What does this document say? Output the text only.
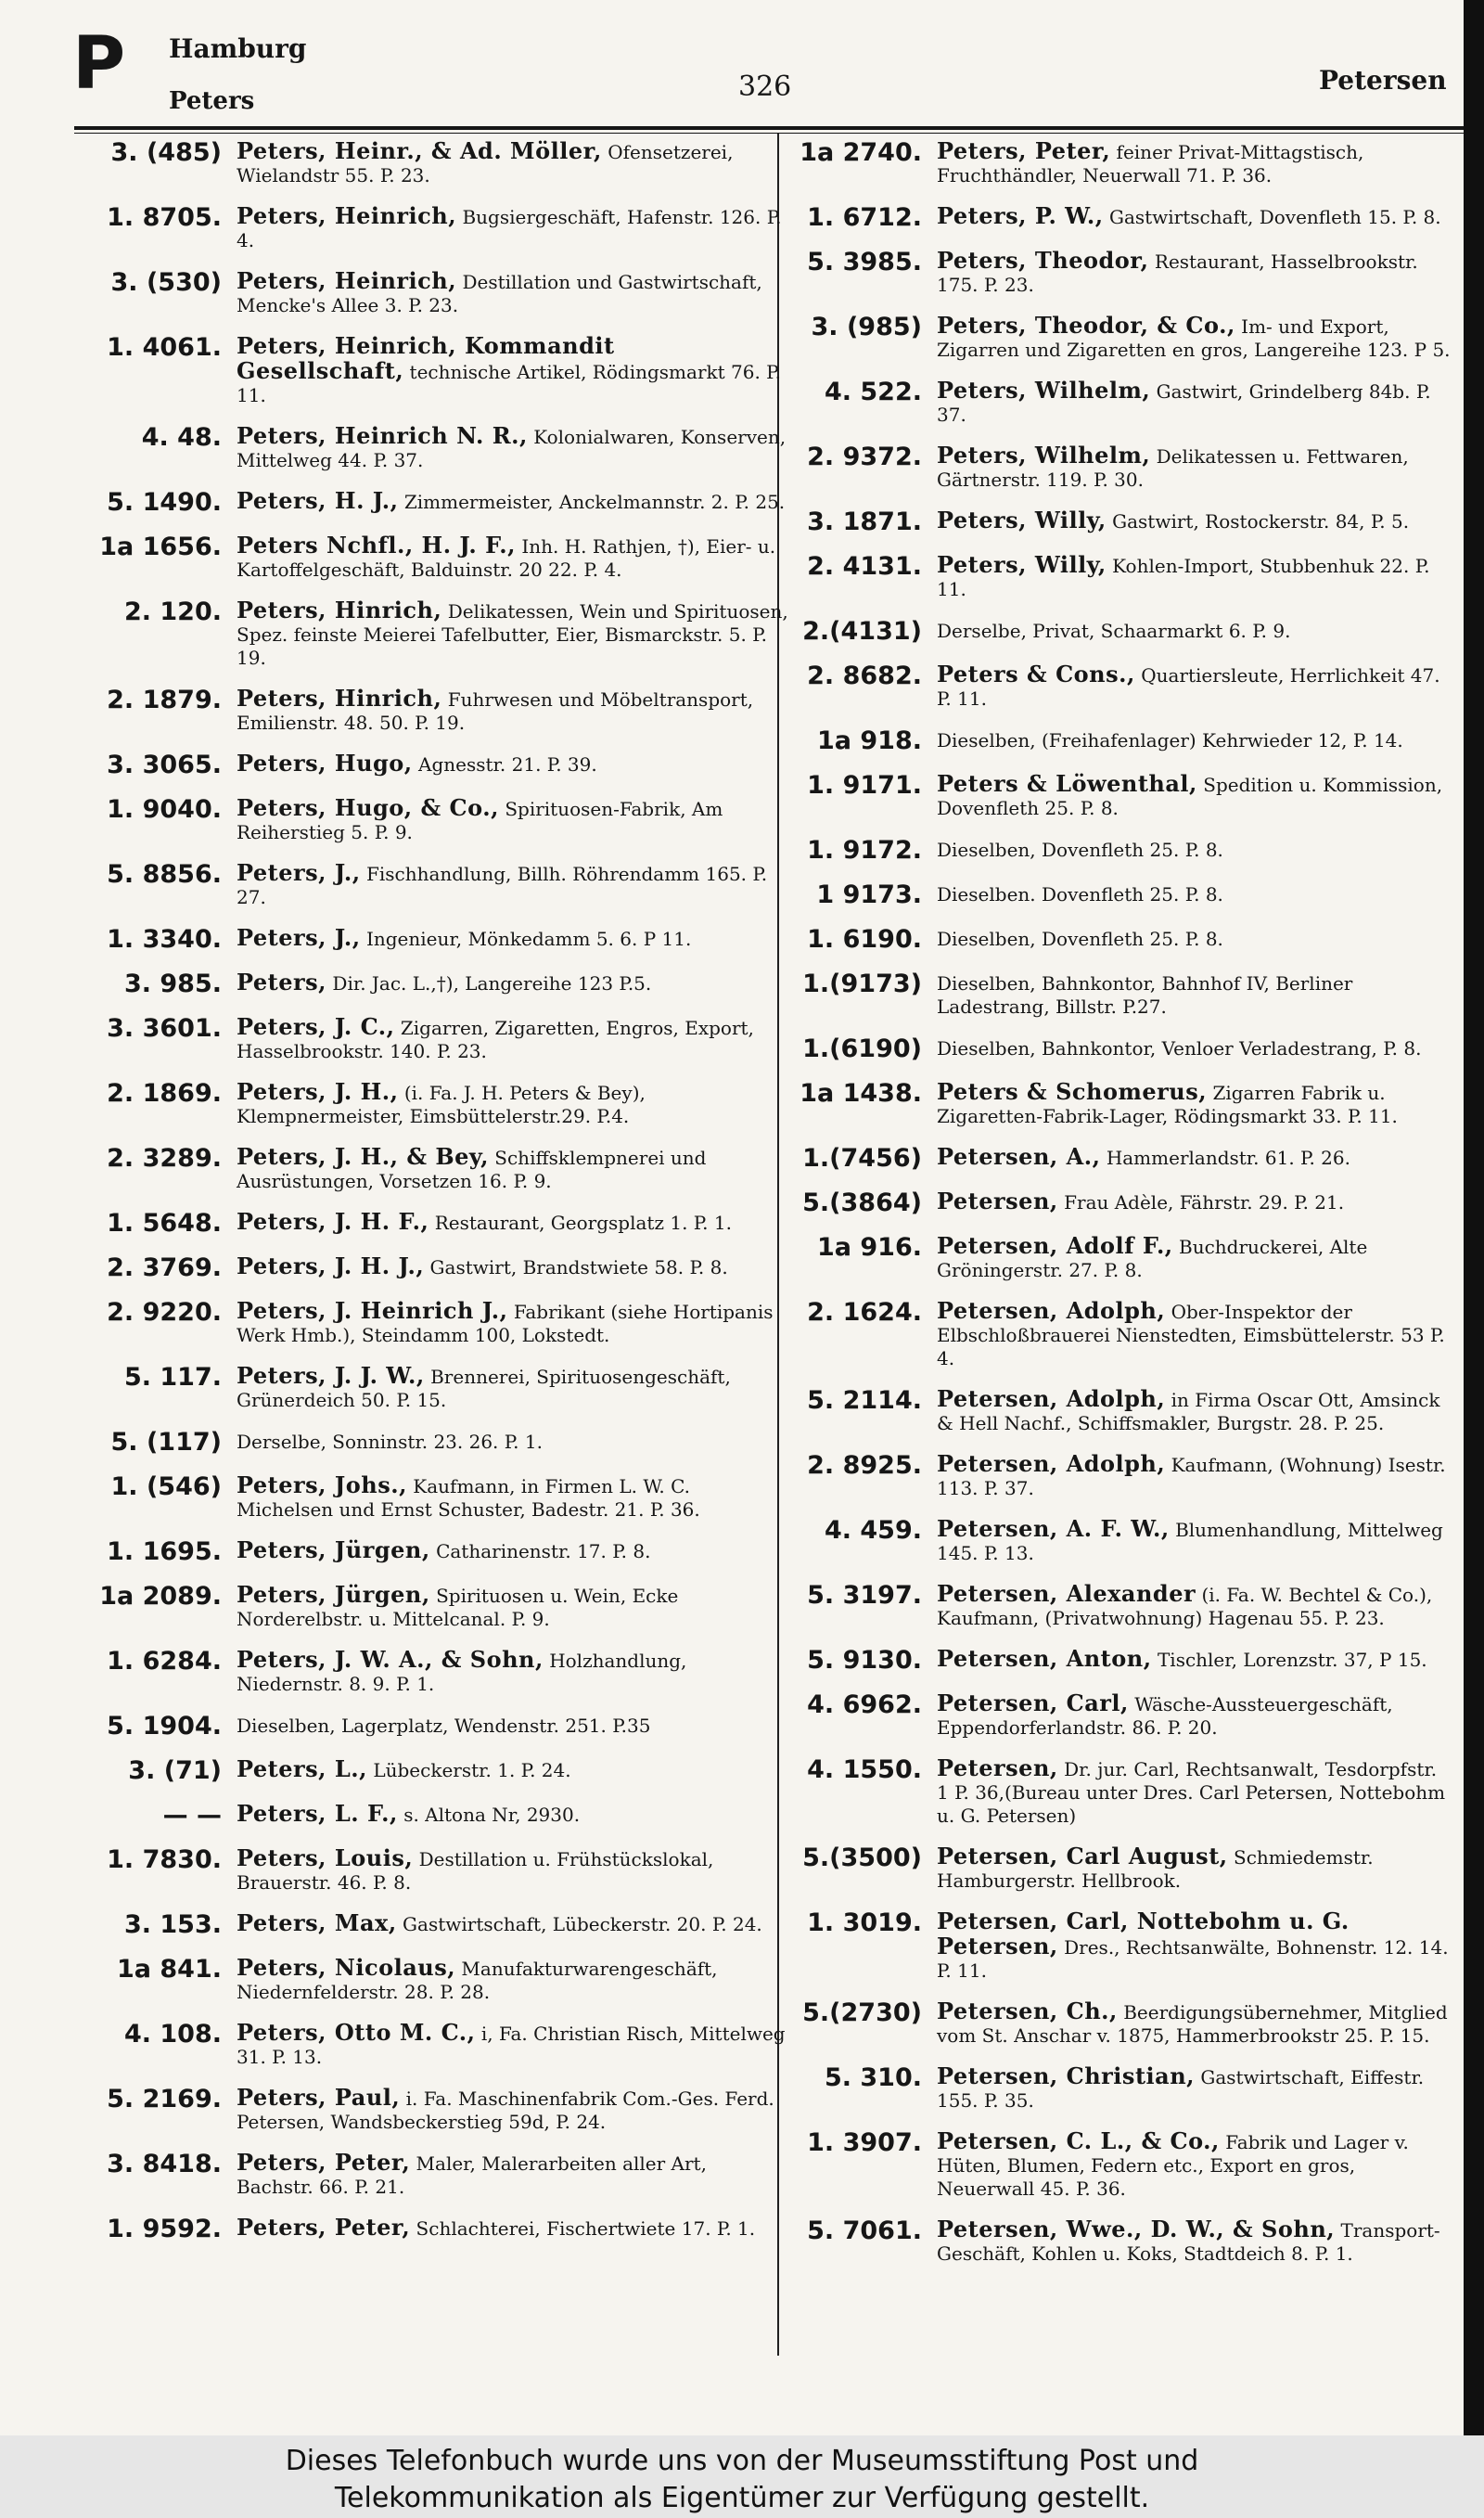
P Hamburg
Peters	326	Petersen
3. (485) Peters, Heinr., & Ad. Möller, Ofensetzerei, Wielandstr 55. P. 23.
1. 8705. Peters, Heinrich, Bugsiergeschäft, Hafenstr. 126. P. 4.
3. (530) Peters, Heinrich, Destillation und Gastwirtschaft, Mencke's Allee 3. P. 23.
1. 4061. Peters, Heinrich, Kommandit Gesellschaft, technische Artikel, Rödingsmarkt 76. P. 11.
4. 48. Peters, Heinrich N. R., Kolonialwaren, Konserven, Mittelweg 44. P. 37.
5. 1490. Peters, H. J., Zimmermeister, Anckelmannstr. 2. P. 25.
1a 1656. Peters Nchfl., H. J. F., Inh. H. Rathjen, †), Eier- u. Kartoffelgeschäft, Balduinstr. 20 22. P. 4.
2. 120. Peters, Hinrich, Delikatessen, Wein und Spirituosen, Spez. feinste Meierei Tafelbutter, Eier, Bismarckstr. 5. P. 19.
2. 1879. Peters, Hinrich, Fuhrwesen und Möbeltransport, Emilienstr. 48. 50. P. 19.
3. 3065. Peters, Hugo, Agnesstr. 21. P. 39.
1. 9040. Peters, Hugo, & Co., Spirituosen-Fabrik, Am Reiherstieg 5. P. 9.
5. 8856. Peters, J., Fischhandlung, Billh. Röhrendamm 165. P. 27.
1. 3340. Peters, J., Ingenieur, Mönkedamm 5. 6. P 11.
3. 985. Peters, Dir. Jac. L.,†), Langereihe 123 P.5.
3. 3601. Peters, J. C., Zigarren, Zigaretten, Engros, Export, Hasselbrookstr. 140. P. 23.
2. 1869. Peters, J. H., (i. Fa. J. H. Peters & Bey), Klempnermeister, Eimsbüttelerstr.29. P.4.
2. 3289. Peters, J. H., & Bey, Schiffsklempnerei und Ausrüstungen, Vorsetzen 16. P. 9.
1. 5648. Peters, J. H. F., Restaurant, Georgsplatz 1. P. 1.
2. 3769. Peters, J. H. J., Gastwirt, Brandstwiete 58. P. 8.
2. 9220. Peters, J. Heinrich J., Fabrikant (siehe Hortipanis Werk Hmb.), Steindamm 100, Lokstedt.
5. 117. Peters, J. J. W., Brennerei, Spirituosengeschäft, Grünerdeich 50. P. 15.
5. (117) Derselbe, Sonninstr. 23. 26. P. 1.
1. (546) Peters, Johs., Kaufmann, in Firmen L. W. C. Michelsen und Ernst Schuster, Badestr. 21. P. 36.
1. 1695. Peters, Jürgen, Catharinenstr. 17. P. 8.
1a 2089. Peters, Jürgen, Spirituosen u. Wein, Ecke Norderelbstr. u. Mittelcanal. P. 9.
1. 6284. Peters, J. W. A., & Sohn, Holzhandlung, Niedernstr. 8. 9. P. 1.
5. 1904. Dieselben, Lagerplatz, Wendenstr. 251. P.35
3. (71) Peters, L., Lübeckerstr. 1. P. 24.
— — Peters, L. F., s. Altona Nr, 2930.
1. 7830. Peters, Louis, Destillation u. Frühstückslokal, Brauerstr. 46. P. 8.
3. 153. Peters, Max, Gastwirtschaft, Lübeckerstr. 20. P. 24.
1a 841. Peters, Nicolaus, Manufakturwarengeschäft, Niedernfelderstr. 28. P. 28.
4. 108. Peters, Otto M. C., i, Fa. Christian Risch, Mittelweg 31. P. 13.
5. 2169. Peters, Paul, i. Fa. Maschinenfabrik Com.-Ges. Ferd. Petersen, Wandsbeckerstieg 59d, P. 24.
3. 8418. Peters, Peter, Maler, Malerarbeiten aller Art, Bachstr. 66. P. 21.
1. 9592. Peters, Peter, Schlachterei, Fischertwiete 17. P. 1.
1a 2740. Peters, Peter, feiner Privat-Mittagstisch, Fruchthändler, Neuerwall 71. P. 36.
1. 6712. Peters, P. W., Gastwirtschaft, Dovenfleth 15. P. 8.
5. 3985. Peters, Theodor, Restaurant, Hasselbrookstr. 175. P. 23.
3. (985) Peters, Theodor, & Co., Im- und Export, Zigarren und Zigaretten en gros, Langereihe 123. P 5.
4. 522. Peters, Wilhelm, Gastwirt, Grindelberg 84b. P. 37.
2. 9372. Peters, Wilhelm, Delikatessen u. Fettwaren, Gärtnerstr. 119. P. 30.
3. 1871. Peters, Willy, Gastwirt, Rostockerstr. 84, P. 5.
2. 4131. Peters, Willy, Kohlen-Import, Stubbenhuk 22. P. 11.
2.(4131) Derselbe, Privat, Schaarmarkt 6. P. 9.
2. 8682. Peters & Cons., Quartiersleute, Herrlichkeit 47. P. 11.
1a 918. Dieselben, (Freihafenlager) Kehrwieder 12, P. 14.
1. 9171. Peters & Löwenthal, Spedition u. Kommission, Dovenfleth 25. P. 8.
1. 9172. Dieselben, Dovenfleth 25. P. 8.
1 9173. Dieselben. Dovenfleth 25. P. 8.
1. 6190. Dieselben, Dovenfleth 25. P. 8.
1.(9173) Dieselben, Bahnkontor, Bahnhof IV, Berliner Ladestrang, Billstr. P.27.
1.(6190) Dieselben, Bahnkontor, Venloer Verladestrang, P. 8.
1a 1438. Peters & Schomerus, Zigarren Fabrik u. Zigaretten-Fabrik-Lager, Rödingsmarkt 33. P. 11.
1.(7456) Petersen, A., Hammerlandstr. 61. P. 26.
5.(3864) Petersen, Frau Adèle, Fährstr. 29. P. 21.
1a 916. Petersen, Adolf F., Buchdruckerei, Alte Gröningerstr. 27. P. 8.
2. 1624. Petersen, Adolph, Ober-Inspektor der Elbschloßbrauerei Nienstedten, Eimsbüttelerstr. 53 P. 4.
5. 2114. Petersen, Adolph, in Firma Oscar Ott, Amsinck & Hell Nachf., Schiffsmakler, Burgstr. 28. P. 25.
2. 8925. Petersen, Adolph, Kaufmann, (Wohnung) Isestr. 113. P. 37.
4. 459. Petersen, A. F. W., Blumenhandlung, Mittelweg 145. P. 13.
5. 3197. Petersen, Alexander (i. Fa. W. Bechtel & Co.), Kaufmann, (Privatwohnung) Hagenau 55. P. 23.
5. 9130. Petersen, Anton, Tischler, Lorenzstr. 37, P 15.
4. 6962. Petersen, Carl, Wäsche-Aussteuergeschäft, Eppendorferlandstr. 86. P. 20.
4. 1550. Petersen, Dr. jur. Carl, Rechtsanwalt, Tesdorpfstr. 1 P. 36,(Bureau unter Dres. Carl Petersen, Nottebohm u. G. Petersen)
5.(3500) Petersen, Carl August, Schmiedemstr. Hamburgerstr. Hellbrook.
1. 3019. Petersen, Carl, Nottebohm u. G. Petersen, Dres., Rechtsanwälte, Bohnenstr. 12. 14. P. 11.
5.(2730) Petersen, Ch., Beerdigungsübernehmer, Mitglied vom St. Anschar v. 1875, Hammerbrookstr 25. P. 15.
5. 310. Petersen, Christian, Gastwirtschaft, Eiffestr. 155. P. 35.
1. 3907. Petersen, C. L., & Co., Fabrik und Lager v. Hüten, Blumen, Federn etc., Export en gros, Neuerwall 45. P. 36.
5. 7061. Petersen, Wwe., D. W., & Sohn, Transport-Geschäft, Kohlen u. Koks, Stadtdeich 8. P. 1.
Dieses Telefonbuch wurde uns von der Museumsstiftung Post und
Telekommunikation als Eigentümer zur Verfügung gestellt.
